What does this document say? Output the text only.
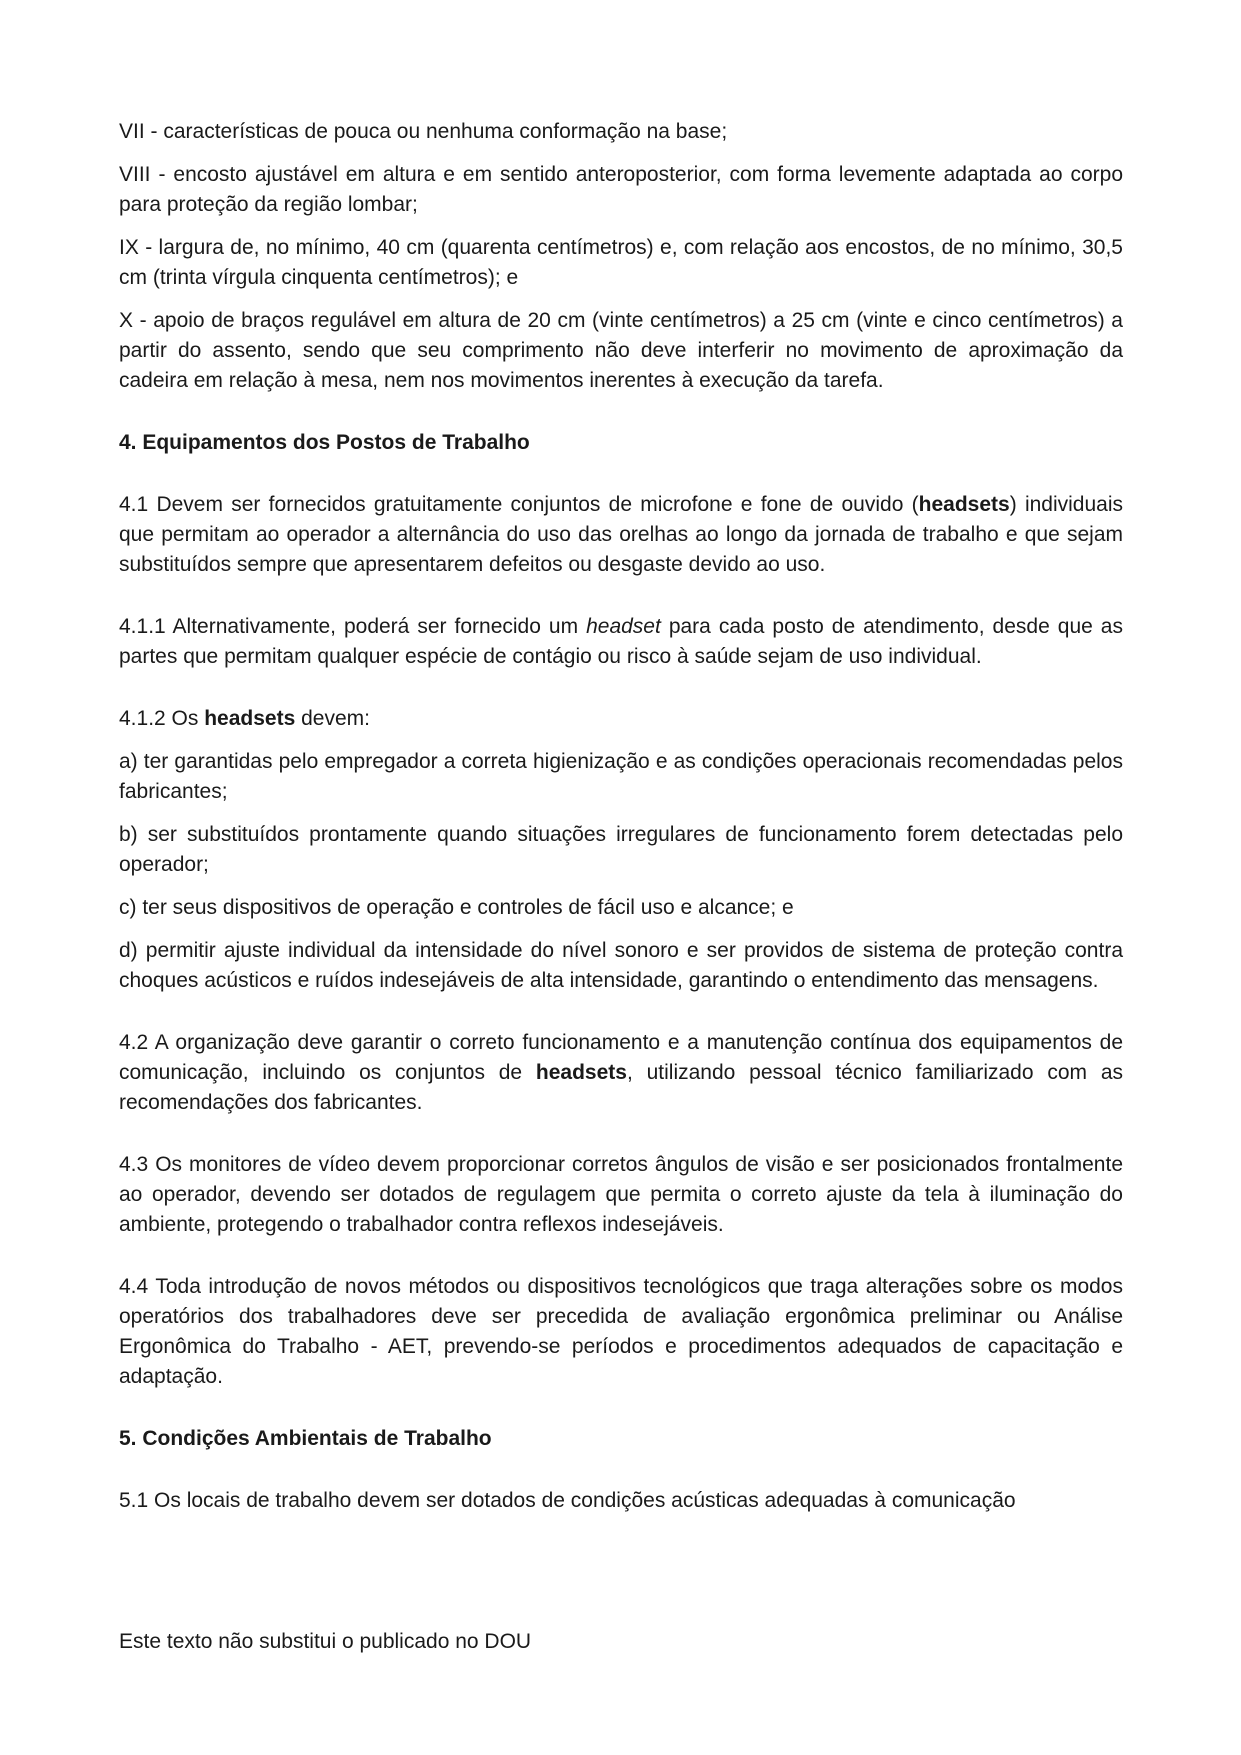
VII - características de pouca ou nenhuma conformação na base;

VIII - encosto ajustável em altura e em sentido anteroposterior, com forma levemente adaptada ao corpo para proteção da região lombar;

IX - largura de, no mínimo, 40 cm (quarenta centímetros) e, com relação aos encostos, de no mínimo, 30,5 cm (trinta vírgula cinquenta centímetros); e

X - apoio de braços regulável em altura de 20 cm (vinte centímetros) a 25 cm (vinte e cinco centímetros) a partir do assento, sendo que seu comprimento não deve interferir no movimento de aproximação da cadeira em relação à mesa, nem nos movimentos inerentes à execução da tarefa.

4. Equipamentos dos Postos de Trabalho

4.1 Devem ser fornecidos gratuitamente conjuntos de microfone e fone de ouvido (headsets) individuais que permitam ao operador a alternância do uso das orelhas ao longo da jornada de trabalho e que sejam substituídos sempre que apresentarem defeitos ou desgaste devido ao uso.

4.1.1 Alternativamente, poderá ser fornecido um headset para cada posto de atendimento, desde que as partes que permitam qualquer espécie de contágio ou risco à saúde sejam de uso individual.

4.1.2 Os headsets devem:

a) ter garantidas pelo empregador a correta higienização e as condições operacionais recomendadas pelos fabricantes;

b) ser substituídos prontamente quando situações irregulares de funcionamento forem detectadas pelo operador;

c) ter seus dispositivos de operação e controles de fácil uso e alcance; e

d) permitir ajuste individual da intensidade do nível sonoro e ser providos de sistema de proteção contra choques acústicos e ruídos indesejáveis de alta intensidade, garantindo o entendimento das mensagens.

4.2 A organização deve garantir o correto funcionamento e a manutenção contínua dos equipamentos de comunicação, incluindo os conjuntos de headsets, utilizando pessoal técnico familiarizado com as recomendações dos fabricantes.

4.3 Os monitores de vídeo devem proporcionar corretos ângulos de visão e ser posicionados frontalmente ao operador, devendo ser dotados de regulagem que permita o correto ajuste da tela à iluminação do ambiente, protegendo o trabalhador contra reflexos indesejáveis.

4.4 Toda introdução de novos métodos ou dispositivos tecnológicos que traga alterações sobre os modos operatórios dos trabalhadores deve ser precedida de avaliação ergonômica preliminar ou Análise Ergonômica do Trabalho - AET, prevendo-se períodos e procedimentos adequados de capacitação e adaptação.

5. Condições Ambientais de Trabalho

5.1 Os locais de trabalho devem ser dotados de condições acústicas adequadas à comunicação

Este texto não substitui o publicado no DOU
